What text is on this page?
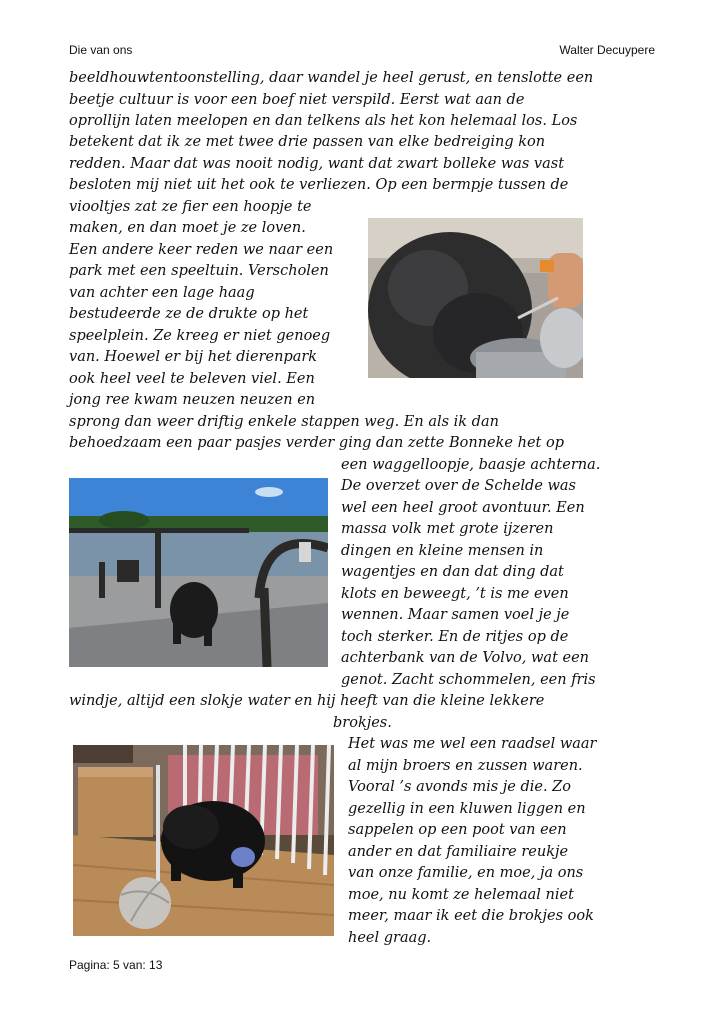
Die van ons	Walter Decuypere
beeldhouwtentoonstelling, daar wandel je heel gerust, en tenslotte een
beetje cultuur is voor een boef niet verspild. Eerst wat aan de
oprollijn laten meelopen en dan telkens als het kon helemaal los. Los
betekent dat ik ze met twee drie passen van elke bedreiging kon
redden. Maar dat was nooit nodig, want dat zwart bolleke was vast
besloten mij niet uit het ook te verliezen. Op een bermpje tussen de
viooltjes zat ze fier een hoopje te
maken, en dan moet je ze loven.
Een andere keer reden we naar een
park met een speeltuin. Verscholen
van achter een lage haag
bestudeerde ze de drukte op het
speelplein. Ze kreeg er niet genoeg
van. Hoewel er bij het dierenpark
ook heel veel te beleven viel. Een
jong ree kwam neuzen neuzen en
sprong dan weer driftig enkele stappen weg. En als ik dan
behoedzaam een paar pasjes verder ging dan zette Bonneke het op
een waggelloopje, baasje achterna.
De overzet over de Schelde was
wel een heel groot avontuur. Een
massa volk met grote ijzeren
dingen en kleine mensen in
wagentjes en dan dat ding dat
klots en beweegt, ’t is me even
wennen. Maar samen voel je je
toch sterker. En de ritjes op de
achterbank van de Volvo, wat een
genot. Zacht schommelen, een fris
windje, altijd een slokje water en hij heeft van die kleine lekkere
brokjes.
Het was me wel een raadsel waar
al mijn broers en zussen waren.
Vooral ’s avonds mis je die. Zo
gezellig in een kluwen liggen en
sappelen op een poot van een
ander en dat familiaire reukje
van onze familie, en moe, ja ons
moe, nu komt ze helemaal niet
meer, maar ik eet die brokjes ook
heel graag.
Pagina: 5 van: 13
